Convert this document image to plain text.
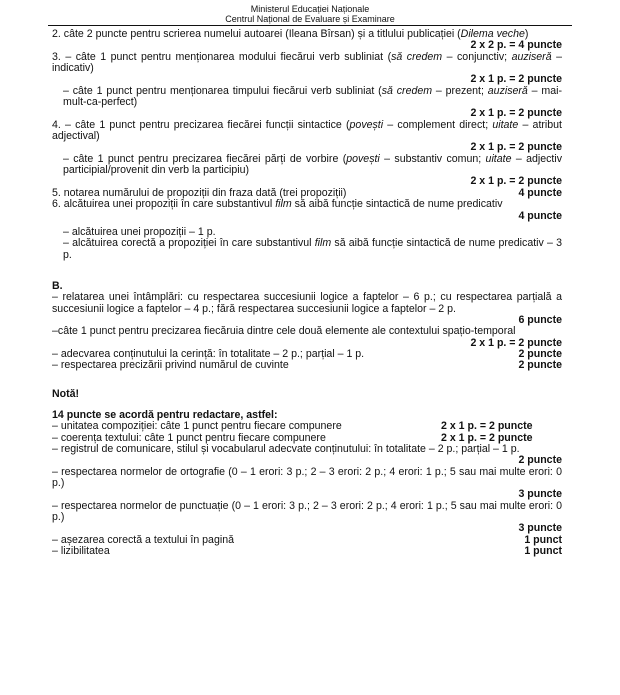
Ministerul Educației Naționale
Centrul Național de Evaluare și Examinare

2. câte 2 puncte pentru scrierea numelui autoarei (Ileana Bîrsan) și a titlului publicației (Dilema veche)

2 x 2 p. = 4 puncte

3. – câte 1 punct pentru menționarea modului fiecărui verb subliniat (să credem – conjunctiv; auziseră – indicativ)

2 x 1 p. = 2 puncte

– câte 1 punct pentru menționarea timpului fiecărui verb subliniat (să credem – prezent; auziseră – mai-mult-ca-perfect)

2 x 1 p. = 2 puncte

4. – câte 1 punct pentru precizarea fiecărei funcții sintactice (povești – complement direct; uitate – atribut adjectival)

2 x 1 p. = 2 puncte

– câte 1 punct pentru precizarea fiecărei părți de vorbire (povești – substantiv comun; uitate – adjectiv participial/provenit din verb la participiu)

2 x 1 p. = 2 puncte

5. notarea numărului de propoziții din fraza dată (trei propoziții)	4 puncte

6. alcătuirea unei propoziții în care substantivul film să aibă funcție sintactică de nume predicativ

4 puncte

– alcătuirea unei propoziții – 1 p.

– alcătuirea corectă a propoziției în care substantivul film să aibă funcție sintactică de nume predicativ – 3 p.

B.

– relatarea unei întâmplări: cu respectarea succesiunii logice a faptelor – 6 p.; cu respectarea parțială a succesiunii logice a faptelor – 4 p.; fără respectarea succesiunii logice a faptelor – 2 p.

6 puncte

–câte 1 punct pentru precizarea fiecăruia dintre cele două elemente ale contextului spațio-temporal

2 x 1 p. = 2 puncte

– adecvarea conținutului la cerință: în totalitate – 2 p.; parțial – 1 p.	2 puncte
– respectarea precizării privind numărul de cuvinte	2 puncte

Notă!

14 puncte se acordă pentru redactare, astfel:

– unitatea compoziției: câte 1 punct pentru fiecare compunere	2 x 1 p. = 2 puncte
– coerența textului: câte 1 punct pentru fiecare compunere	2 x 1 p. = 2 puncte

– registrul de comunicare, stilul și vocabularul adecvate conținutului: în totalitate – 2 p.; parțial – 1 p.

2 puncte

– respectarea normelor de ortografie (0 – 1 erori: 3 p.; 2 – 3 erori: 2 p.; 4 erori: 1 p.; 5 sau mai multe erori: 0 p.)

3 puncte

– respectarea normelor de punctuație (0 – 1 erori: 3 p.; 2 – 3 erori: 2 p.; 4 erori: 1 p.; 5 sau mai multe erori: 0 p.)

3 puncte

– așezarea corectă a textului în pagină	1 punct
– lizibilitatea	1 punct
